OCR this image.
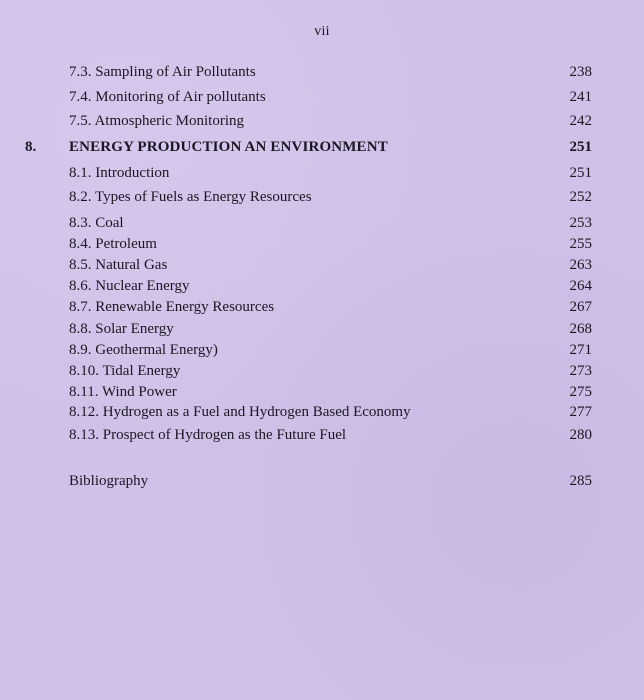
vii
7.3. Sampling of Air Pollutants	238
7.4. Monitoring of Air pollutants	241
7.5. Atmospheric Monitoring	242
8. ENERGY PRODUCTION AN ENVIRONMENT	251
8.1. Introduction	251
8.2. Types of Fuels as Energy Resources	252
8.3. Coal	253
8.4. Petroleum	255
8.5. Natural Gas	263
8.6. Nuclear Energy	264
8.7. Renewable Energy Resources	267
8.8. Solar Energy	268
8.9. Geothermal Energy)	271
8.10. Tidal Energy	273
8.11. Wind Power	275
8.12. Hydrogen as a Fuel and Hydrogen Based Economy	277
8.13. Prospect of Hydrogen as the Future Fuel	280
Bibliography	285
